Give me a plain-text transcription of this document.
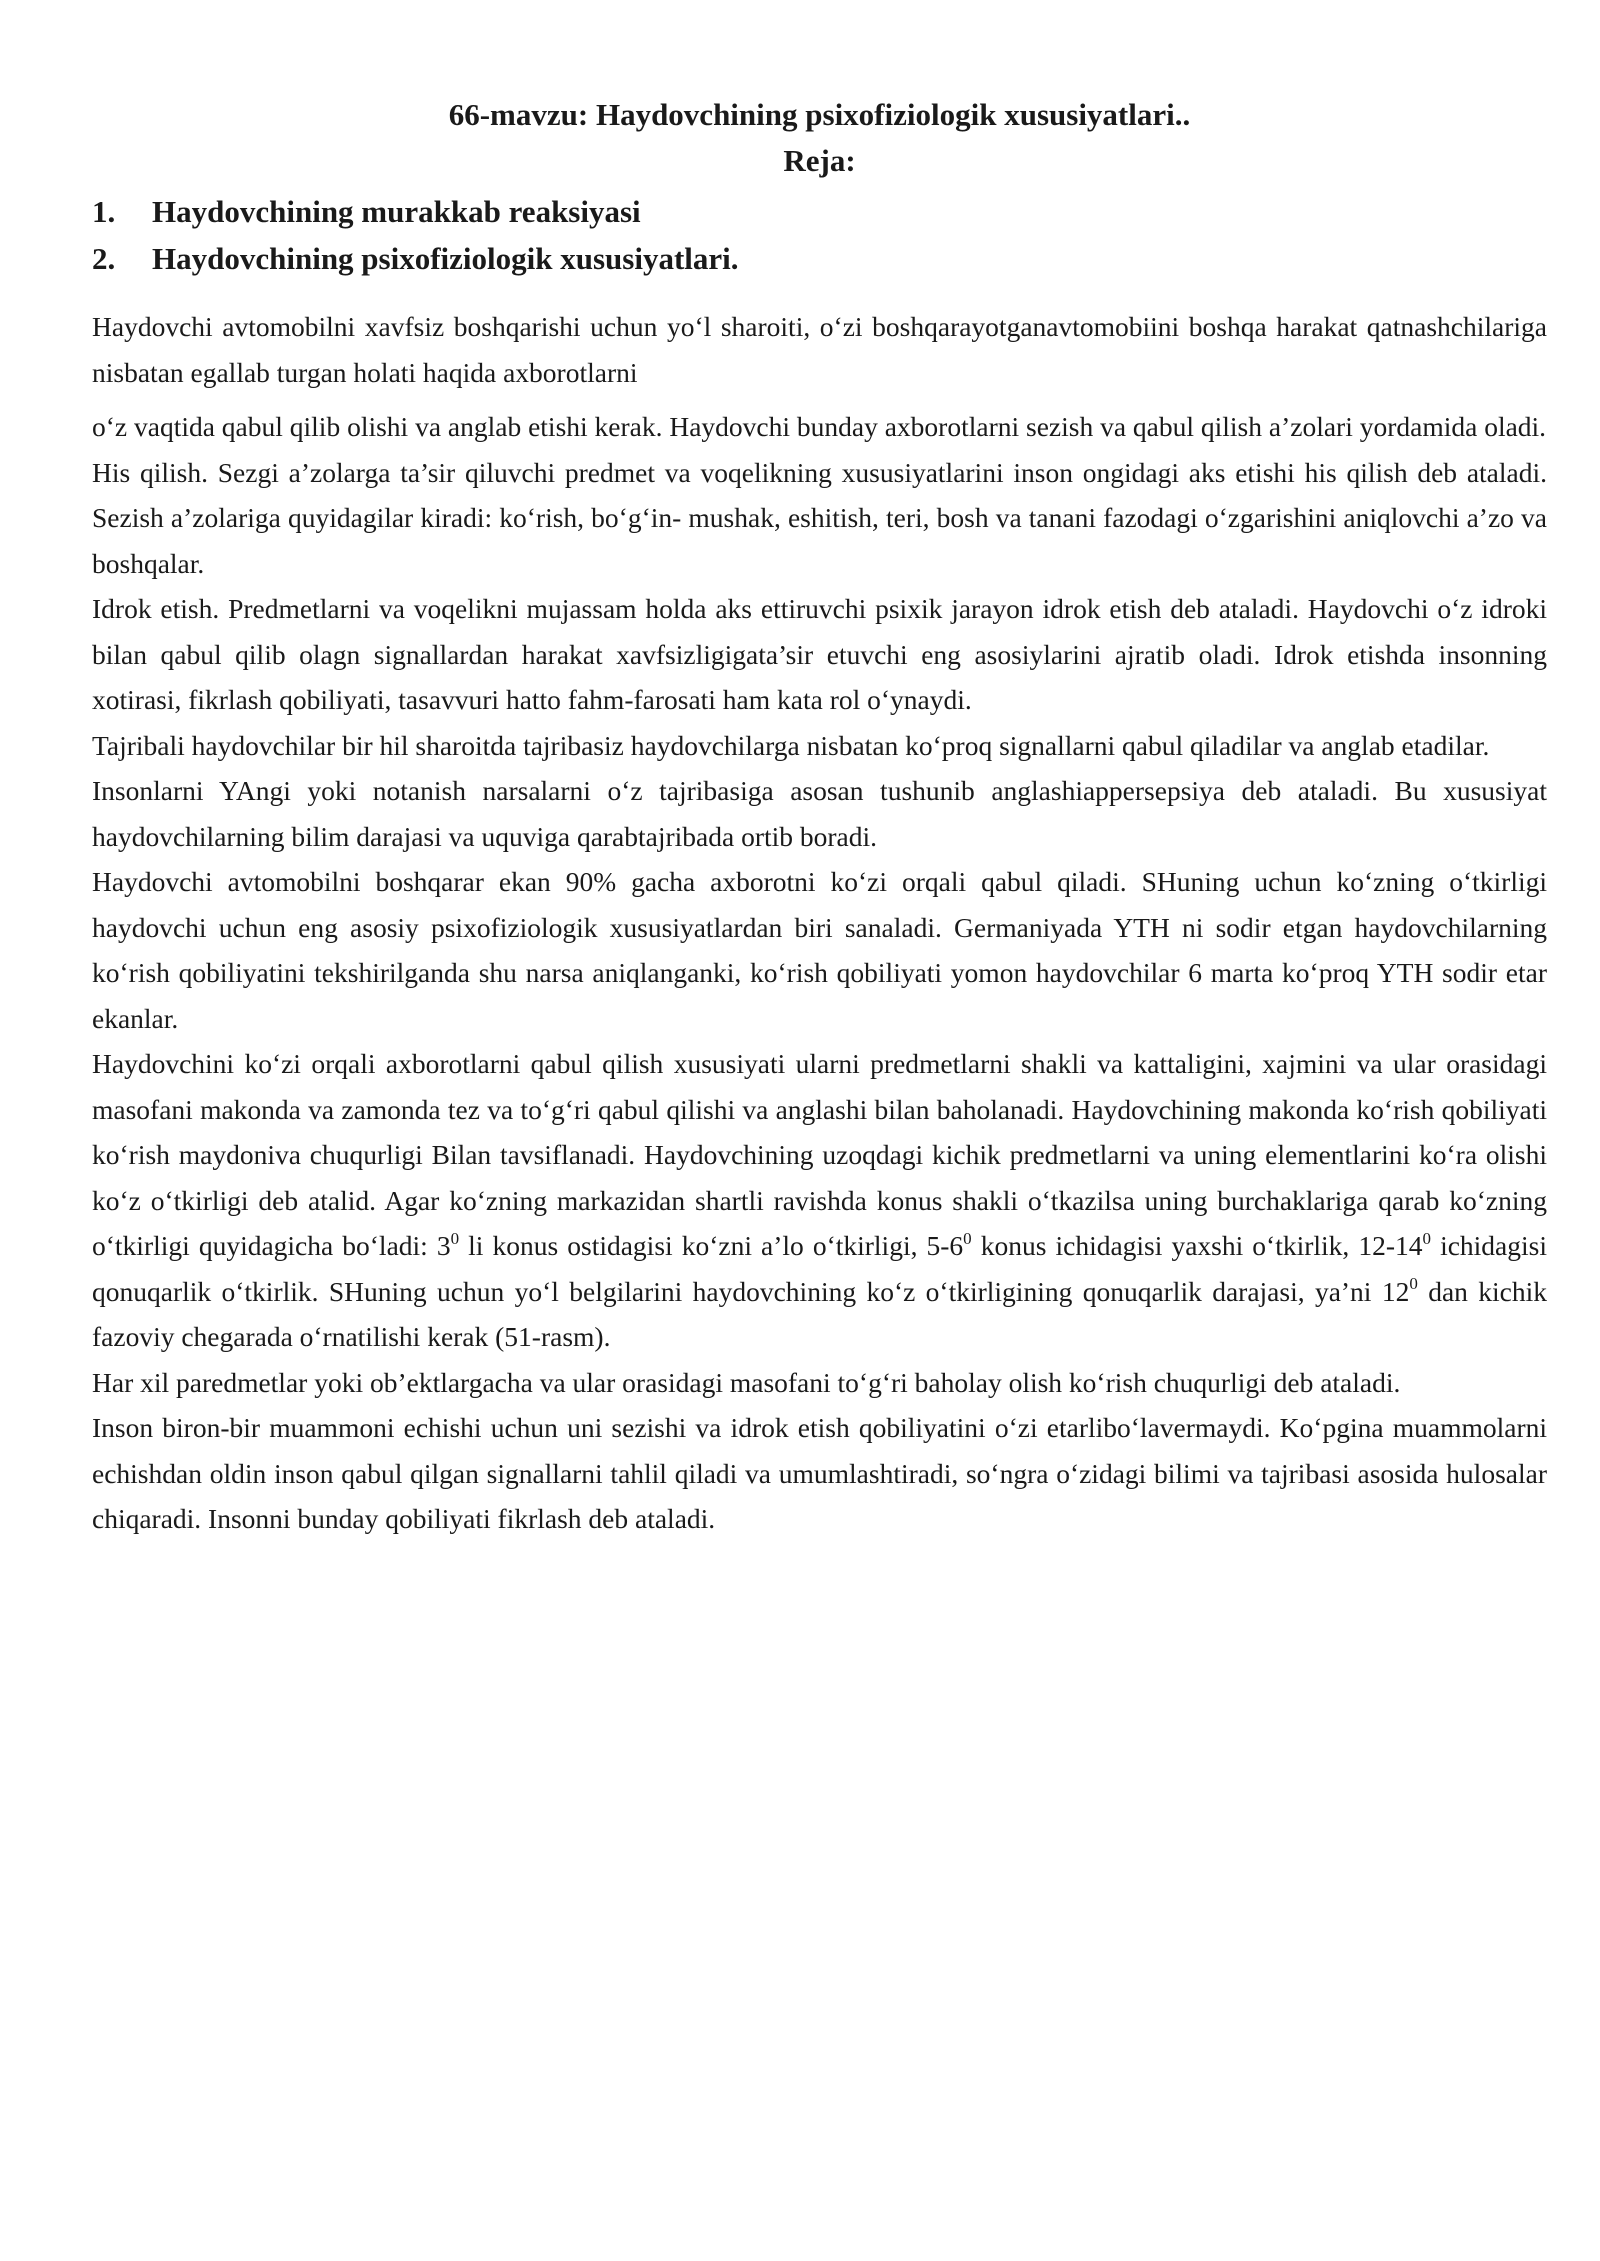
66-mavzu: Haydovchining psixofiziologik xususiyatlari..
Reja:
1.	Haydovchining murakkab reaksiyasi
2.	Haydovchining psixofiziologik xususiyatlari.

Haydovchi avtomobilni xavfsiz boshqarishi uchun yo‘l sharoiti, o‘zi boshqarayotganavtomobiini boshqa harakat qatnashchilariga nisbatan egallab turgan holati haqida axborotlarni

o‘z vaqtida qabul qilib olishi va anglab etishi kerak. Haydovchi bunday axborotlarni sezish va qabul qilish a’zolari yordamida oladi.

His qilish. Sezgi a’zolarga ta’sir qiluvchi predmet va voqelikning xususiyatlarini inson ongidagi aks etishi his qilish deb ataladi. Sezish a’zolariga quyidagilar kiradi: ko‘rish, bo‘g‘in- mushak, eshitish, teri, bosh va tanani fazodagi o‘zgarishini aniqlovchi a’zo va boshqalar.

Idrok etish. Predmetlarni va voqelikni mujassam holda aks ettiruvchi psixik jarayon idrok etish deb ataladi. Haydovchi o‘z idroki bilan qabul qilib olagn signallardan harakat xavfsizligigata’sir etuvchi eng asosiylarini ajratib oladi. Idrok etishda insonning xotirasi, fikrlash qobiliyati, tasavvuri hatto fahm-farosati ham kata rol o‘ynaydi.

Tajribali haydovchilar bir hil sharoitda tajribasiz haydovchilarga nisbatan ko‘proq signallarni qabul qiladilar va anglab etadilar.

Insonlarni YAngi yoki notanish narsalarni o‘z tajribasiga asosan tushunib anglashiappersepsiya deb ataladi. Bu xususiyat haydovchilarning bilim darajasi va uquviga qarabtajribada ortib boradi.

Haydovchi avtomobilni boshqarar ekan 90% gacha axborotni ko‘zi orqali qabul qiladi. SHuning uchun ko‘zning o‘tkirligi haydovchi uchun eng asosiy psixofiziologik xususiyatlardan biri sanaladi. Germaniyada YTH ni sodir etgan haydovchilarning ko‘rish qobiliyatini tekshirilganda shu narsa aniqlanganki, ko‘rish qobiliyati yomon haydovchilar 6 marta ko‘proq YTH sodir etar ekanlar.

Haydovchini ko‘zi orqali axborotlarni qabul qilish xususiyati ularni predmetlarni shakli va kattaligini, xajmini va ular orasidagi masofani makonda va zamonda tez va to‘g‘ri qabul qilishi va anglashi bilan baholanadi. Haydovchining makonda ko‘rish qobiliyati ko‘rish maydoniva chuqurligi Bilan tavsiflanadi. Haydovchining uzoqdagi kichik predmetlarni va uning elementlarini ko‘ra olishi ko‘z o‘tkirligi deb atalid. Agar ko‘zning markazidan shartli ravishda konus shakli o‘tkazilsa uning burchaklariga qarab ko‘zning o‘tkirligi quyidagicha bo‘ladi: $3^0$ li konus ostidagisi ko‘zni a’lo o‘tkirligi, $5-6^0$ konus ichidagisi yaxshi o‘tkirlik, $12-14^0$ ichidagisi qonuqarlik o‘tkirlik. SHuning uchun yo‘l belgilarini haydovchining ko‘z o‘tkirligining qonuqarlik darajasi, ya’ni $12^0$ dan kichik fazoviy chegarada o‘rnatilishi kerak (51-rasm).

Har xil paredmetlar yoki ob’ektlargacha va ular orasidagi masofani to‘g‘ri baholay olish ko‘rish chuqurligi deb ataladi.

Inson biron-bir muammoni echishi uchun uni sezishi va idrok etish qobiliyatini o‘zi etarlibo‘lavermaydi. Ko‘pgina muammolarni echishdan oldin inson qabul qilgan signallarni tahlil qiladi va umumlashtiradi, so‘ngra o‘zidagi bilimi va tajribasi asosida hulosalar chiqaradi. Insonni bunday qobiliyati fikrlash deb ataladi.
